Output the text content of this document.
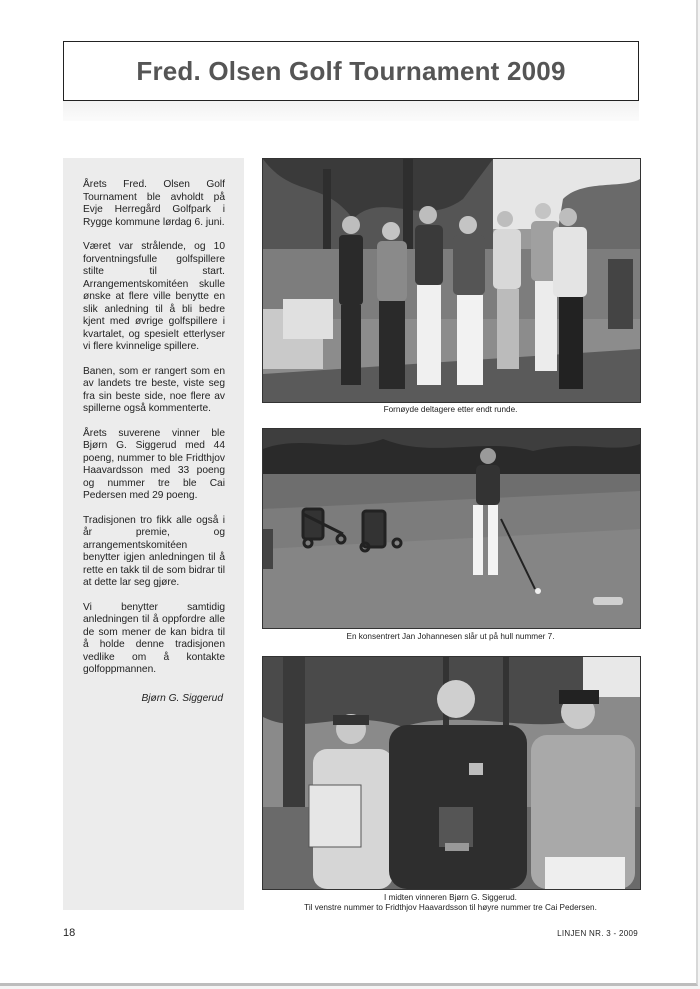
Fred. Olsen Golf Tournament 2009

Årets Fred. Olsen Golf Tournament ble avholdt på Evje Herregård Golfpark i Rygge kommune lørdag 6. juni.

Været var strålende, og 10 forventningsfulle golfspillere stilte til start. Arrangementskomitéen skulle ønske at flere ville benytte en slik anledning til å bli bedre kjent med øvrige golfspillere i kvartalet, og spesielt etterlyser vi flere kvinnelige spillere.

Banen, som er rangert som en av landets tre beste, viste seg fra sin beste side, noe flere av spillerne også kommenterte.

Årets suverene vinner ble Bjørn G. Siggerud med 44 poeng, nummer to ble Fridthjov Haavardsson med 33 poeng og nummer tre ble Cai Pedersen med 29 poeng.

Tradisjonen tro fikk alle også i år premie, og arrangementskomitéen benytter igjen anledningen til å rette en takk til de som bidrar til at dette lar seg gjøre.

Vi benytter samtidig anledningen til å oppfordre alle de som mener de kan bidra til å holde denne tradisjonen vedlike om å kontakte golfoppmannen.

Bjørn G. Siggerud

Fornøyde deltagere etter endt runde.
En konsentrert Jan Johannesen slår ut på hull nummer 7.
I midten vinneren Bjørn G. Siggerud.
Til venstre nummer to Fridthjov Haavardsson til høyre nummer tre Cai Pedersen.
18	LINJEN NR. 3 - 2009
